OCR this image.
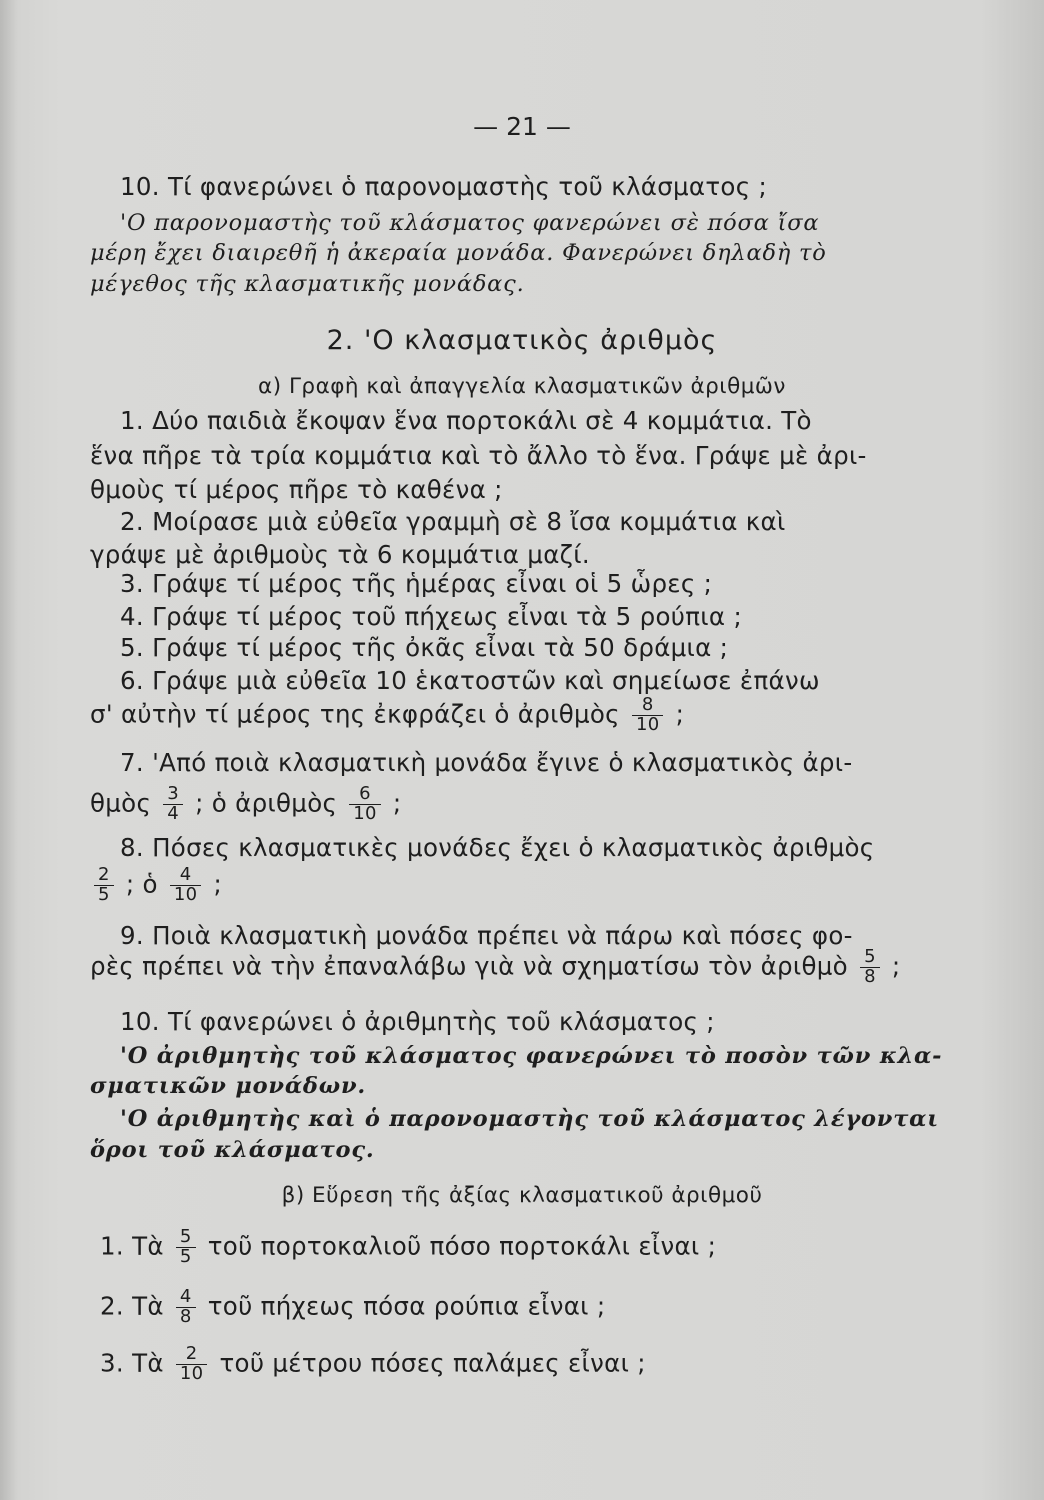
— 21 —
10. Τί φανερώνει ὁ παρονομαστὴς τοῦ κλάσματος ;
'Ο παρονομαστὴς τοῦ κλάσματος φανερώνει σὲ πόσα ἴσα
μέρη ἔχει διαιρεθῆ ἡ ἀκεραία μονάδα. Φανερώνει δηλαδὴ τὸ
μέγεθος τῆς κλασματικῆς μονάδας.
2. 'Ο κλασματικὸς ἀριθμὸς
α) Γραφὴ καὶ ἀπαγγελία κλασματικῶν ἀριθμῶν
1. Δύο παιδιὰ ἔκοψαν ἕνα πορτοκάλι σὲ 4 κομμάτια. Τὸ
ἕνα πῆρε τὰ τρία κομμάτια καὶ τὸ ἄλλο τὸ ἕνα. Γράψε μὲ ἀρι-
θμοὺς τί μέρος πῆρε τὸ καθένα ;
2. Μοίρασε μιὰ εὐθεῖα γραμμὴ σὲ 8 ἴσα κομμάτια καὶ
γράψε μὲ ἀριθμοὺς τὰ 6 κομμάτια μαζί.
3. Γράψε τί μέρος τῆς ἡμέρας εἶναι οἱ 5 ὧρες ;
4. Γράψε τί μέρος τοῦ πήχεως εἶναι τὰ 5 ρούπια ;
5. Γράψε τί μέρος τῆς ὀκᾶς εἶναι τὰ 50 δράμια ;
6. Γράψε μιὰ εὐθεῖα 10 ἑκατοστῶν καὶ σημείωσε ἐπάνω
σ' αὐτὴν τί μέρος της ἐκφράζει ὁ ἀριθμὸς $\frac{8}{10}$ ;
7. 'Από ποιὰ κλασματικὴ μονάδα ἔγινε ὁ κλασματικὸς ἀρι-
θμὸς $\frac{3}{4}$ ; ὁ ἀριθμὸς $\frac{6}{10}$ ;
8. Πόσες κλασματικὲς μονάδες ἔχει ὁ κλασματικὸς ἀριθμὸς
$\frac{2}{5}$ ; ὁ $\frac{4}{10}$ ;
9. Ποιὰ κλασματικὴ μονάδα πρέπει νὰ πάρω καὶ πόσες φο-
ρὲς πρέπει νὰ τὴν ἐπαναλάβω γιὰ νὰ σχηματίσω τὸν ἀριθμὸ $\frac{5}{8}$ ;
10. Τί φανερώνει ὁ ἀριθμητὴς τοῦ κλάσματος ;
'Ο ἀριθμητὴς τοῦ κλάσματος φανερώνει τὸ ποσὸν τῶν κλα-
σματικῶν μονάδων.
'Ο ἀριθμητὴς καὶ ὁ παρονομαστὴς τοῦ κλάσματος λέγονται
ὅροι τοῦ κλάσματος.
β) Εὕρεση τῆς ἀξίας κλασματικοῦ ἀριθμοῦ
1. Τὰ $\frac{5}{5}$ τοῦ πορτοκαλιοῦ πόσο πορτοκάλι εἶναι ;
2. Τὰ $\frac{4}{8}$ τοῦ πήχεως πόσα ρούπια εἶναι ;
3. Τὰ $\frac{2}{10}$ τοῦ μέτρου πόσες παλάμες εἶναι ;
